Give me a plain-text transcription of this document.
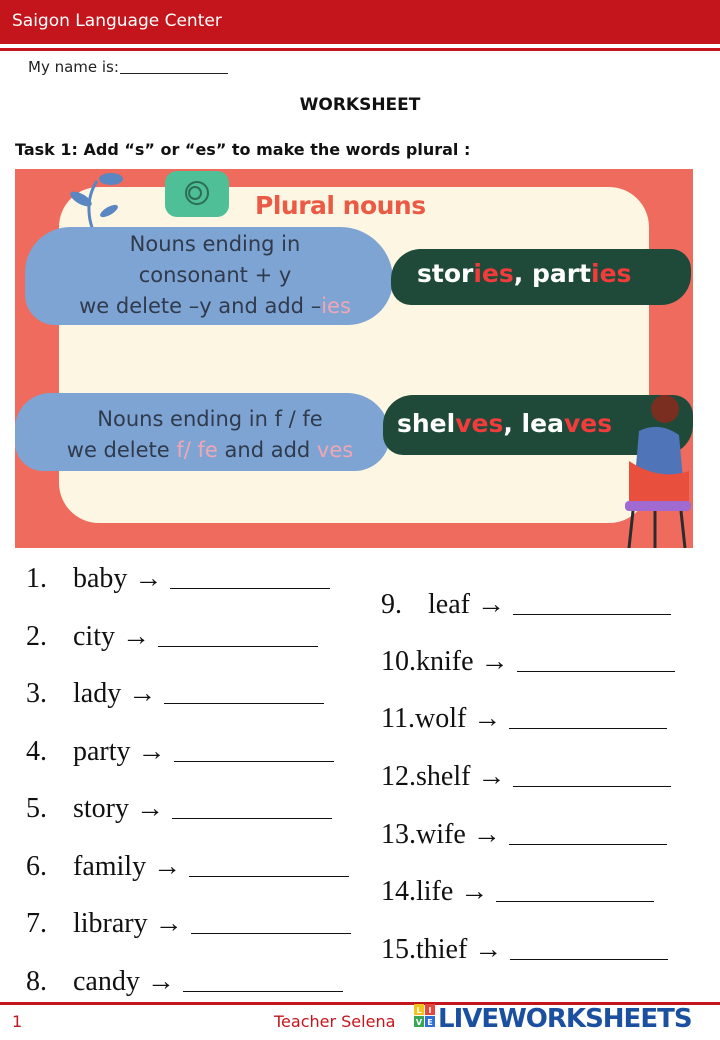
Saigon Language Center
My name is:
WORKSHEET
Task 1: Add “s” or “es” to make the words plural :
Plural nouns
Nouns ending in
consonant + y
we delete –y and add –ies
stories, parties
Nouns ending in f / fe
we delete f/ fe and add ves
shelves, leaves
1. baby →
2. city →
3. lady →
4. party →
5. story →
6. family →
7. library →
8. candy →
9. leaf →
10.knife →
11.wolf →
12.shelf →
13.wife →
14.life →
15.thief →
1	Teacher Selena
L I
V E LIVEWORKSHEETS
